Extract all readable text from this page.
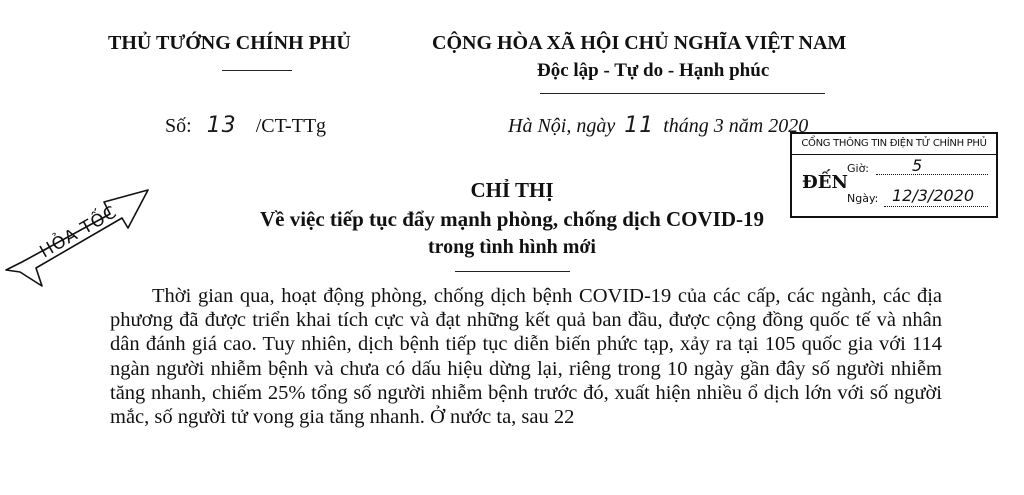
THỦ TƯỚNG CHÍNH PHỦ	CỘNG HÒA XÃ HỘI CHỦ NGHĨA VIỆT NAM
Độc lập - Tự do - Hạnh phúc
Số: 13 /CT-TTg	Hà Nội, ngày 11 tháng 3 năm 2020
CỔNG THÔNG TIN ĐIỆN TỬ CHÍNH PHỦ
ĐẾN
Giờ:	5
Ngày: 12/3/2020
HỎA TỐC
CHỈ THỊ
Về việc tiếp tục đẩy mạnh phòng, chống dịch COVID-19
trong tình hình mới

Thời gian qua, hoạt động phòng, chống dịch bệnh COVID-19 của các cấp, các ngành, các địa phương đã được triển khai tích cực và đạt những kết quả ban đầu, được cộng đồng quốc tế và nhân dân đánh giá cao. Tuy nhiên, dịch bệnh tiếp tục diễn biến phức tạp, xảy ra tại 105 quốc gia với 114 ngàn người nhiễm bệnh và chưa có dấu hiệu dừng lại, riêng trong 10 ngày gần đây số người nhiễm tăng nhanh, chiếm 25% tổng số người nhiễm bệnh trước đó, xuất hiện nhiều ổ dịch lớn với số người mắc, số người tử vong gia tăng nhanh. Ở nước ta, sau 22
